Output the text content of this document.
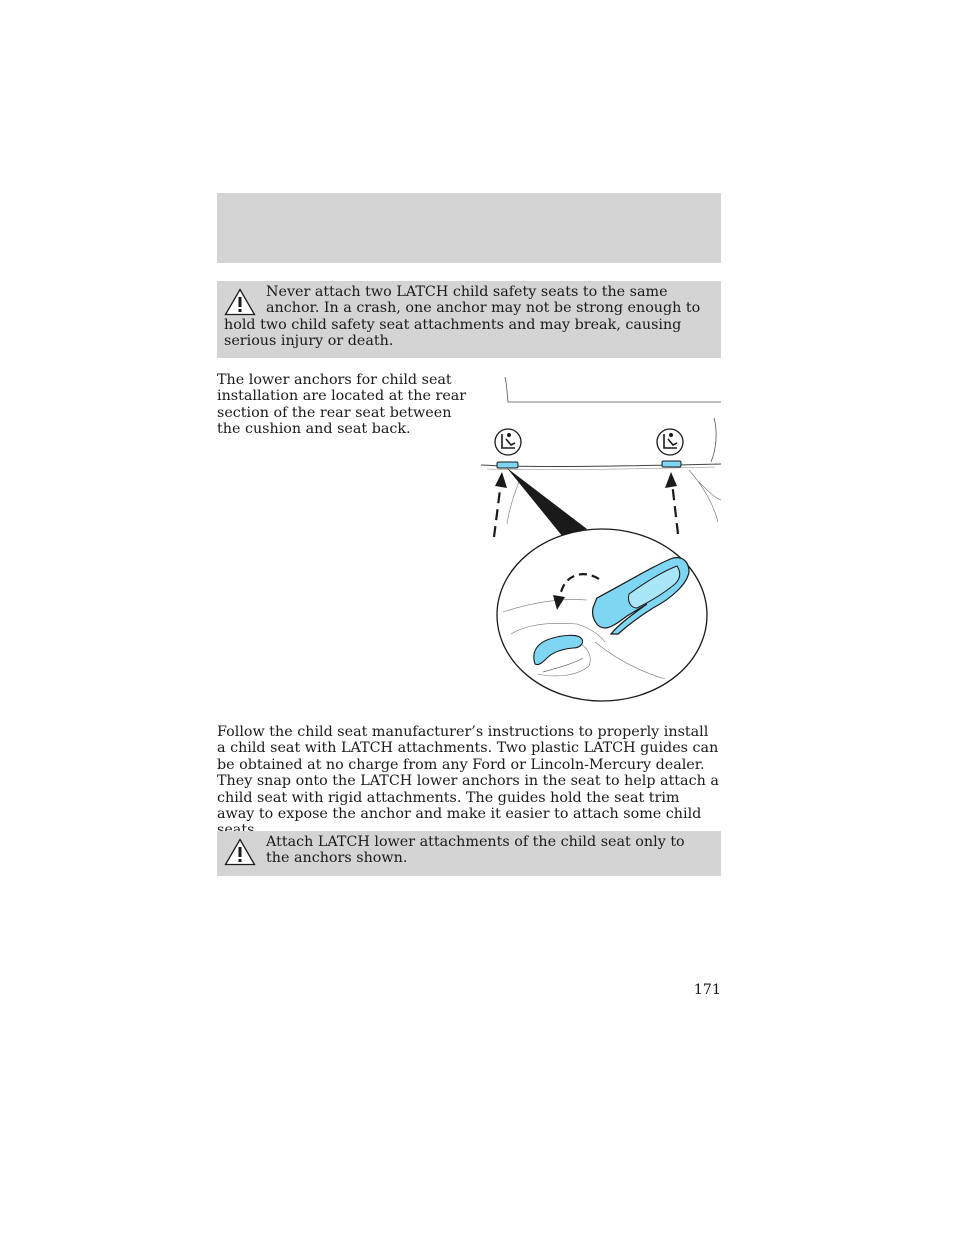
Never attach two LATCH child safety seats to the same anchor. In a crash, one anchor may not be strong enough to hold two child safety seat attachments and may break, causing serious injury or death.

The lower anchors for child seat installation are located at the rear section of the rear seat between the cushion and seat back.

Follow the child seat manufacturer’s instructions to properly install a child seat with LATCH attachments. Two plastic LATCH guides can be obtained at no charge from any Ford or Lincoln-Mercury dealer. They snap onto the LATCH lower anchors in the seat to help attach a child seat with rigid attachments. The guides hold the seat trim away to expose the anchor and make it easier to attach some child

Attach LATCH lower attachments of the child seat only to the anchors shown.
171
